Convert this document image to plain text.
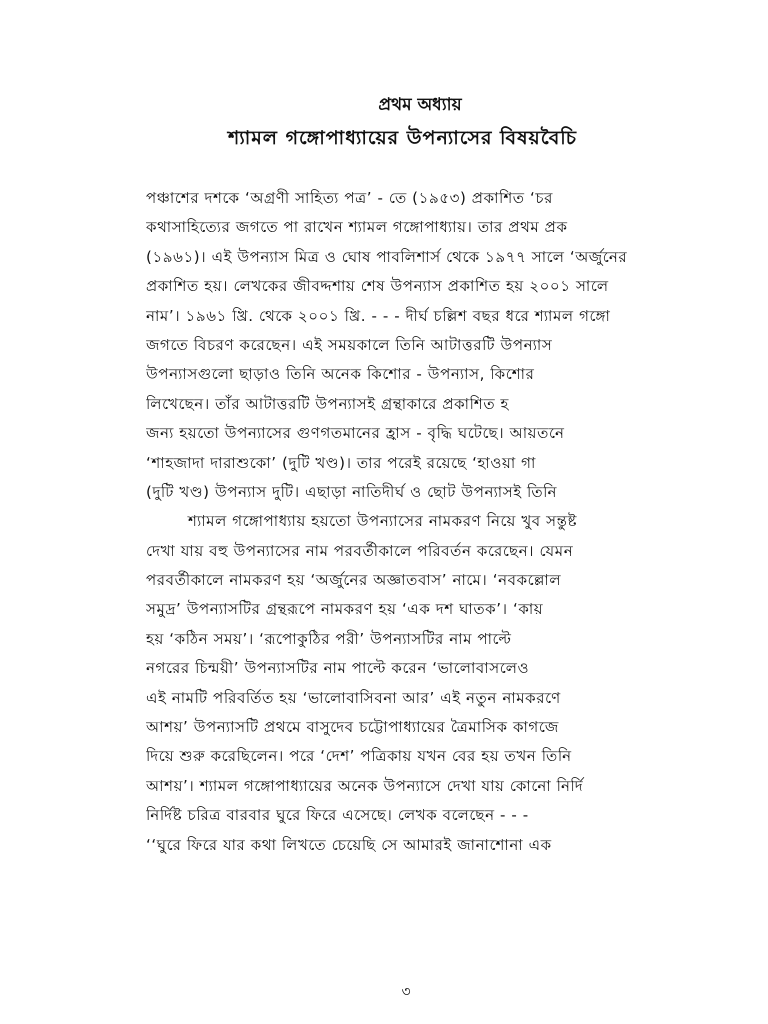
প্রথম অধ্যায়
শ্যামল গঙ্গোপাধ্যায়ের উপন্যাসের বিষয়বৈচি
পঞ্চাশের দশকে ‘অগ্রণী সাহিত্য পত্র’ - তে (১৯৫৩) প্রকাশিত ‘চর
কথাসাহিত্যের জগতে পা রাখেন শ্যামল গঙ্গোপাধ্যায়। তার প্রথম প্রক
(১৯৬১)। এই উপন্যাস মিত্র ও ঘোষ পাবলিশার্স থেকে ১৯৭৭ সালে ‘অর্জুনের
প্রকাশিত হয়। লেখকের জীবদ্দশায় শেষ উপন্যাস প্রকাশিত হয় ২০০১ সালে
নাম’। ১৯৬১ খ্রি. থেকে ২০০১ খ্রি. - - - দীর্ঘ চল্লিশ বছর ধরে শ্যামল গঙ্গো
জগতে বিচরণ করেছেন। এই সময়কালে তিনি আটাত্তরটি উপন্যাস
উপন্যাসগুলো ছাড়াও তিনি অনেক কিশোর - উপন্যাস, কিশোর
লিখেছেন। তাঁর আটাত্তরটি উপন্যাসই গ্রন্থাকারে প্রকাশিত হ
জন্য হয়তো উপন্যাসের গুণগতমানের হ্রাস - বৃদ্ধি ঘটেছে। আয়তনে
‘শাহজাদা দারাশুকো’ (দুটি খণ্ড)। তার পরেই রয়েছে ‘হাওয়া গা
(দুটি খণ্ড) উপন্যাস দুটি। এছাড়া নাতিদীর্ঘ ও ছোট উপন্যাসই তিনি
শ্যামল গঙ্গোপাধ্যায় হয়তো উপন্যাসের নামকরণ নিয়ে খুব সন্তুষ্ট
দেখা যায় বহু উপন্যাসের নাম পরবর্তীকালে পরিবর্তন করেছেন। যেমন
পরবর্তীকালে নামকরণ হয় ‘অর্জুনের অজ্ঞাতবাস’ নামে। ‘নবকল্লোল
সমুদ্র’ উপন্যাসটির গ্রন্থরূপে নামকরণ হয় ‘এক দশ ঘাতক’। ‘কায়
হয় ‘কঠিন সময়’। ‘রূপোকুঠির পরী’ উপন্যাসটির নাম পাল্টে
নগরের চিন্ময়ী’ উপন্যাসটির নাম পাল্টে করেন ‘ভালোবাসলেও
এই নামটি পরিবর্তিত হয় ‘ভালোবাসিবনা আর’ এই নতুন নামকরণে
আশয়’ উপন্যাসটি প্রথমে বাসুদেব চট্টোপাধ্যায়ের ত্রৈমাসিক কাগজে
দিয়ে শুরু করেছিলেন। পরে ‘দেশ’ পত্রিকায় যখন বের হয় তখন তিনি
আশয়’। শ্যামল গঙ্গোপাধ্যায়ের অনেক উপন্যাসে দেখা যায় কোনো নির্দি
নির্দিষ্ট চরিত্র বারবার ঘুরে ফিরে এসেছে। লেখক বলেছেন - - -
‘‘ঘুরে ফিরে যার কথা লিখতে চেয়েছি সে আমারই জানাশোনা এক
৩
